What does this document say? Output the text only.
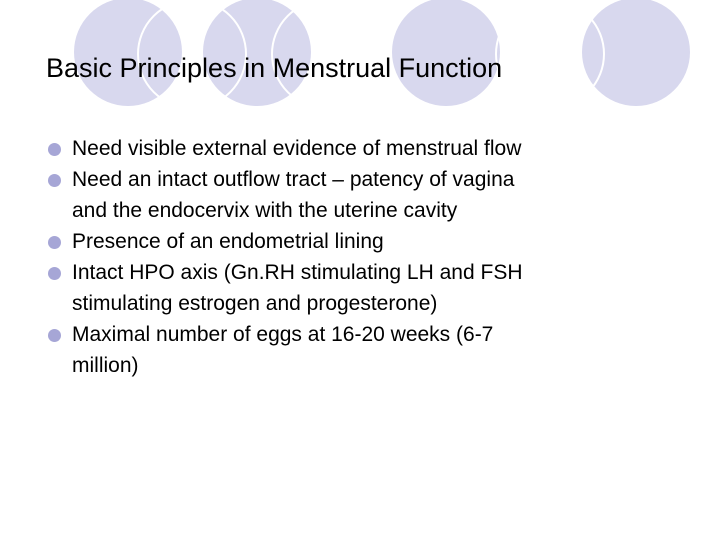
Basic Principles in Menstrual Function
Need visible external evidence of menstrual flow
Need an intact outflow tract – patency of vagina
and the endocervix with the uterine cavity
Presence of an endometrial lining
Intact HPO axis (Gn.RH stimulating LH and FSH
stimulating estrogen and progesterone)
Maximal number of eggs at 16-20 weeks (6-7
million)
